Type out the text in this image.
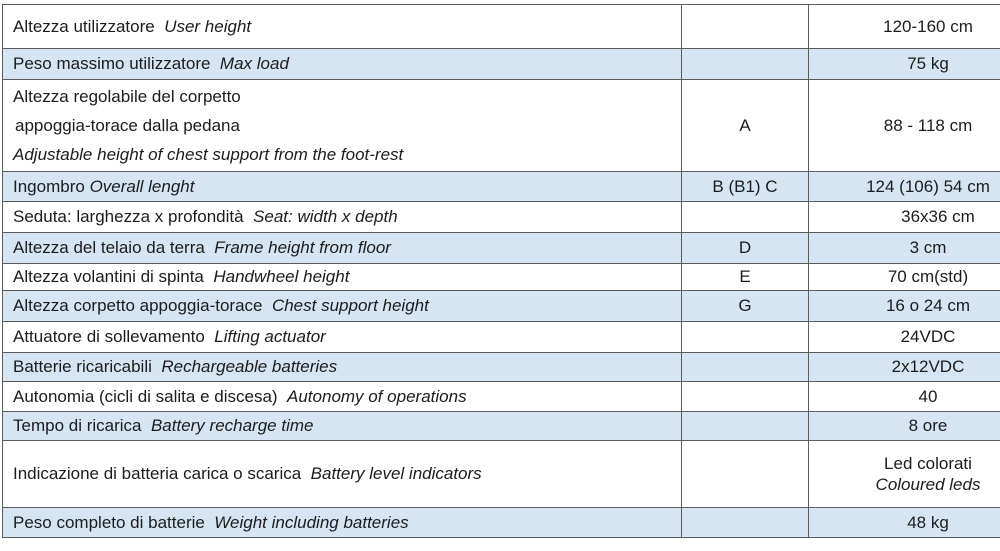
Altezza utilizzatore User height		120-160 cm
Peso massimo utilizzatore Max load		75 kg

Altezza regolabile del corpetto
appoggia-torace dalla pedana
Adjustable height of chest support from the foot-rest	A	88 - 118 cm
Ingombro Overall lenght	B (B1) C	124 (106) 54 cm
Seduta: larghezza x profondità Seat: width x depth		36x36 cm
Altezza del telaio da terra Frame height from floor	D	3 cm
Altezza volantini di spinta Handwheel height	E	70 cm(std)
Altezza corpetto appoggia-torace Chest support height	G	16 o 24 cm
Attuatore di sollevamento Lifting actuator		24VDC
Batterie ricaricabili Rechargeable batteries		2x12VDC
Autonomia (cicli di salita e discesa) Autonomy of operations		40
Tempo di ricarica Battery recharge time		8 ore
Indicazione di batteria carica o scarica Battery level indicators		Led colorati
Coloured leds

Peso completo di batterie Weight including batteries		48 kg
